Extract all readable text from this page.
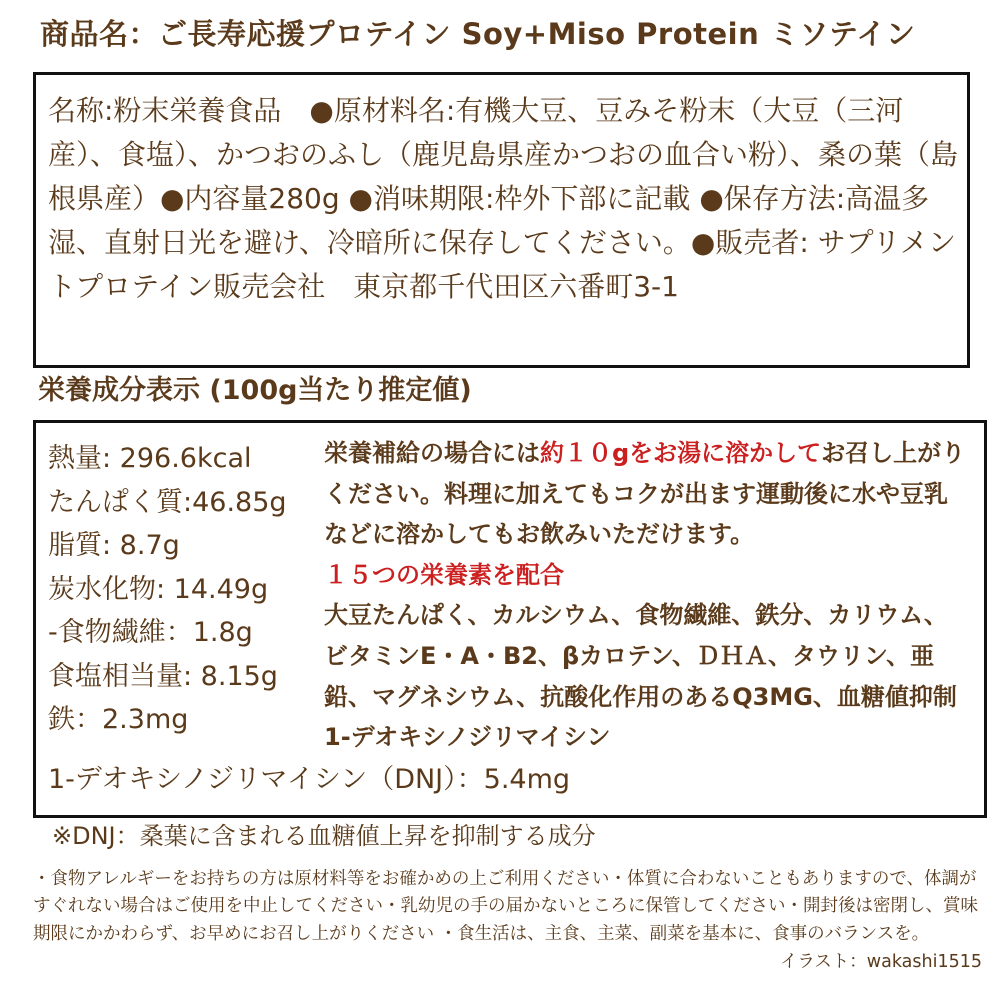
商品名：ご長寿応援プロテイン Soy+Miso Protein ミソテイン
名称:粉末栄養食品　●原材料名:有機大豆、豆みそ粉末（大豆（三河産）、食塩）、かつおのふし（鹿児島県産かつおの血合い粉）、桑の葉（島根県産）●内容量280g ●消味期限:枠外下部に記載 ●保存方法:高温多湿、直射日光を避け、冷暗所に保存してください。●販売者: サプリメントプロテイン販売会社　東京都千代田区六番町3-1
栄養成分表示 (100g当たり推定値)
熱量: 296.6kcal
たんぱく質:46.85g
脂質: 8.7g
炭水化物: 14.49g
-食物繊維：1.8g
食塩相当量: 8.15g
鉄：2.3mg
1-デオキシノジリマイシン（DNJ）：5.4mg
栄養補給の場合には約１０gをお湯に溶かしてお召し上がりください。料理に加えてもコクが出ます運動後に水や豆乳などに溶かしてもお飲みいただけます。
１５つの栄養素を配合
大豆たんぱく、カルシウム、食物繊維、鉄分、カリウム、ビタミンE・A・B2、βカロテン、ＤＨＡ、タウリン、亜鉛、マグネシウム、抗酸化作用のあるQ3MG、血糖値抑制 1-デオキシノジリマイシン
※DNJ：桑葉に含まれる血糖値上昇を抑制する成分
・食物アレルギーをお持ちの方は原材料等をお確かめの上ご利用ください・体質に合わないこともありますので、体調がすぐれない場合はご使用を中止してください・乳幼児の手の届かないところに保管してください・開封後は密閉し、賞味期限にかかわらず、お早めにお召し上がりください ・食生活は、主食、主菜、副菜を基本に、食事のバランスを。
イラスト：wakashi1515
